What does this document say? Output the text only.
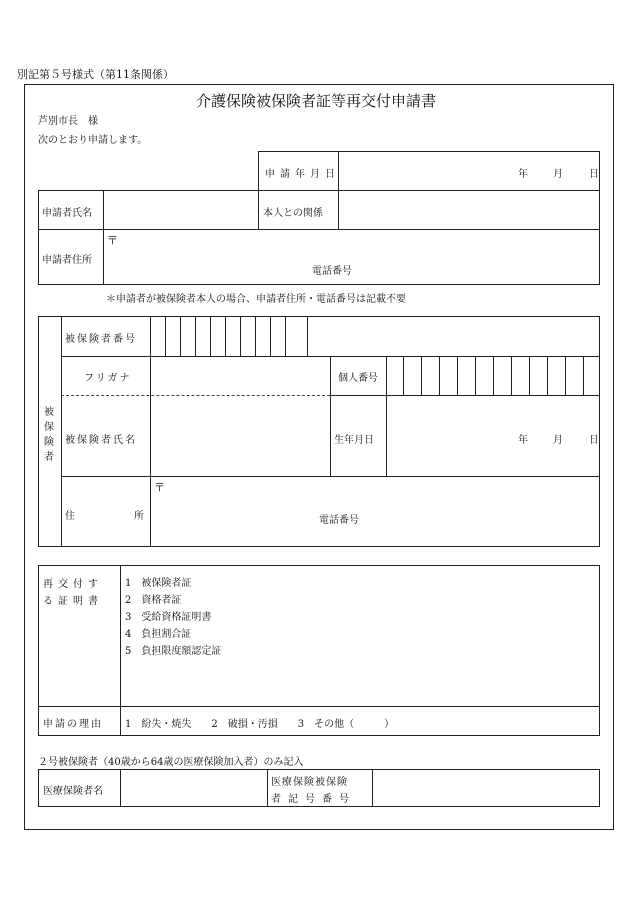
別記第５号様式（第11条関係）
介護保険被保険者証等再交付申請書
芦別市長　様
次のとおり申請します。
申請年月日	年	月	日
申請者氏名	本人との関係
申請者住所
〒
電話番号
＊申請者が被保険者本人の場合、申請者住所・電話番号は記載不要
被
保
険
者
被保険者番号
フリガナ	個人番号
被保険者氏名	生年月日	年	月	日
住	所
〒
電話番号
再交付す
る証明書
1　被保険者証
2　資格者証
3　受給資格証明書
4　負担割合証
5　負担限度額認定証
申請の理由 1　紛失・焼失　　2　破損・汚損　　3　その他（　　　）
２号被保険者（40歳から64歳の医療保険加入者）のみ記入
医療保険者名
医療保険被保険
者記号番号
